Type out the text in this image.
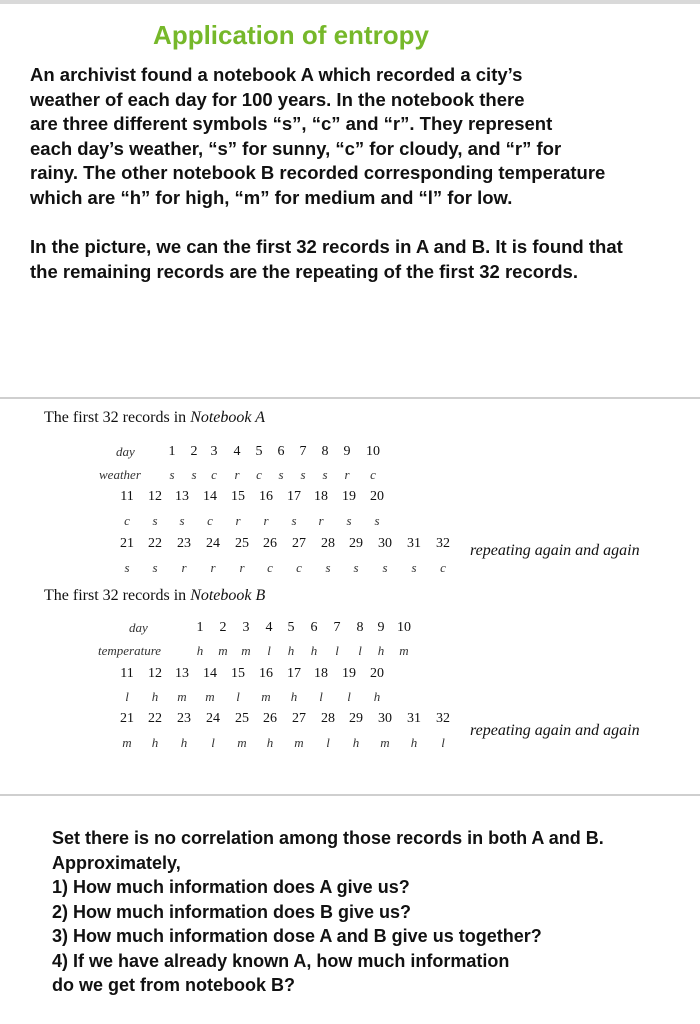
Application of entropy
An archivist found a notebook A which recorded a city’s
weather of each day for 100 years. In the notebook there
are three different symbols “s”, “c” and “r”. They represent
each day’s weather, “s” for sunny, “c” for cloudy, and “r” for
rainy. The other notebook B recorded corresponding temperature
which are “h” for high, “m” for medium and “l” for low.
In the picture, we can the first 32 records in A and B. It is found that
the remaining records are the repeating of the first 32 records.
The first 32 records in Notebook A
day 1 2 3 4 5 6 7 8 9 10
weather s s c r c s s s r c
11 12 13 14 15 16 17 18 19 20
c s s c r r s r s s
21 22 23 24 25 26 27 28 29 30 31 32
s s r r r c c s s s s c
repeating again and again
The first 32 records in Notebook B
day	1 2 3 4 5 6 7 8 9 10
temperature	h m m l h h l l h m
11 12 13 14 15 16 17 18 19 20
l h m m l m h l l h
21 22 23 24 25 26 27 28 29 30 31 32
m h h l m h m l h m h l
repeating again and again
Set there is no correlation among those records in both A and B.
Approximately,
1) How much information does A give us?
2) How much information does B give us?
3) How much information dose A and B give us together?
4) If we have already known A, how much information
do we get from notebook B?
